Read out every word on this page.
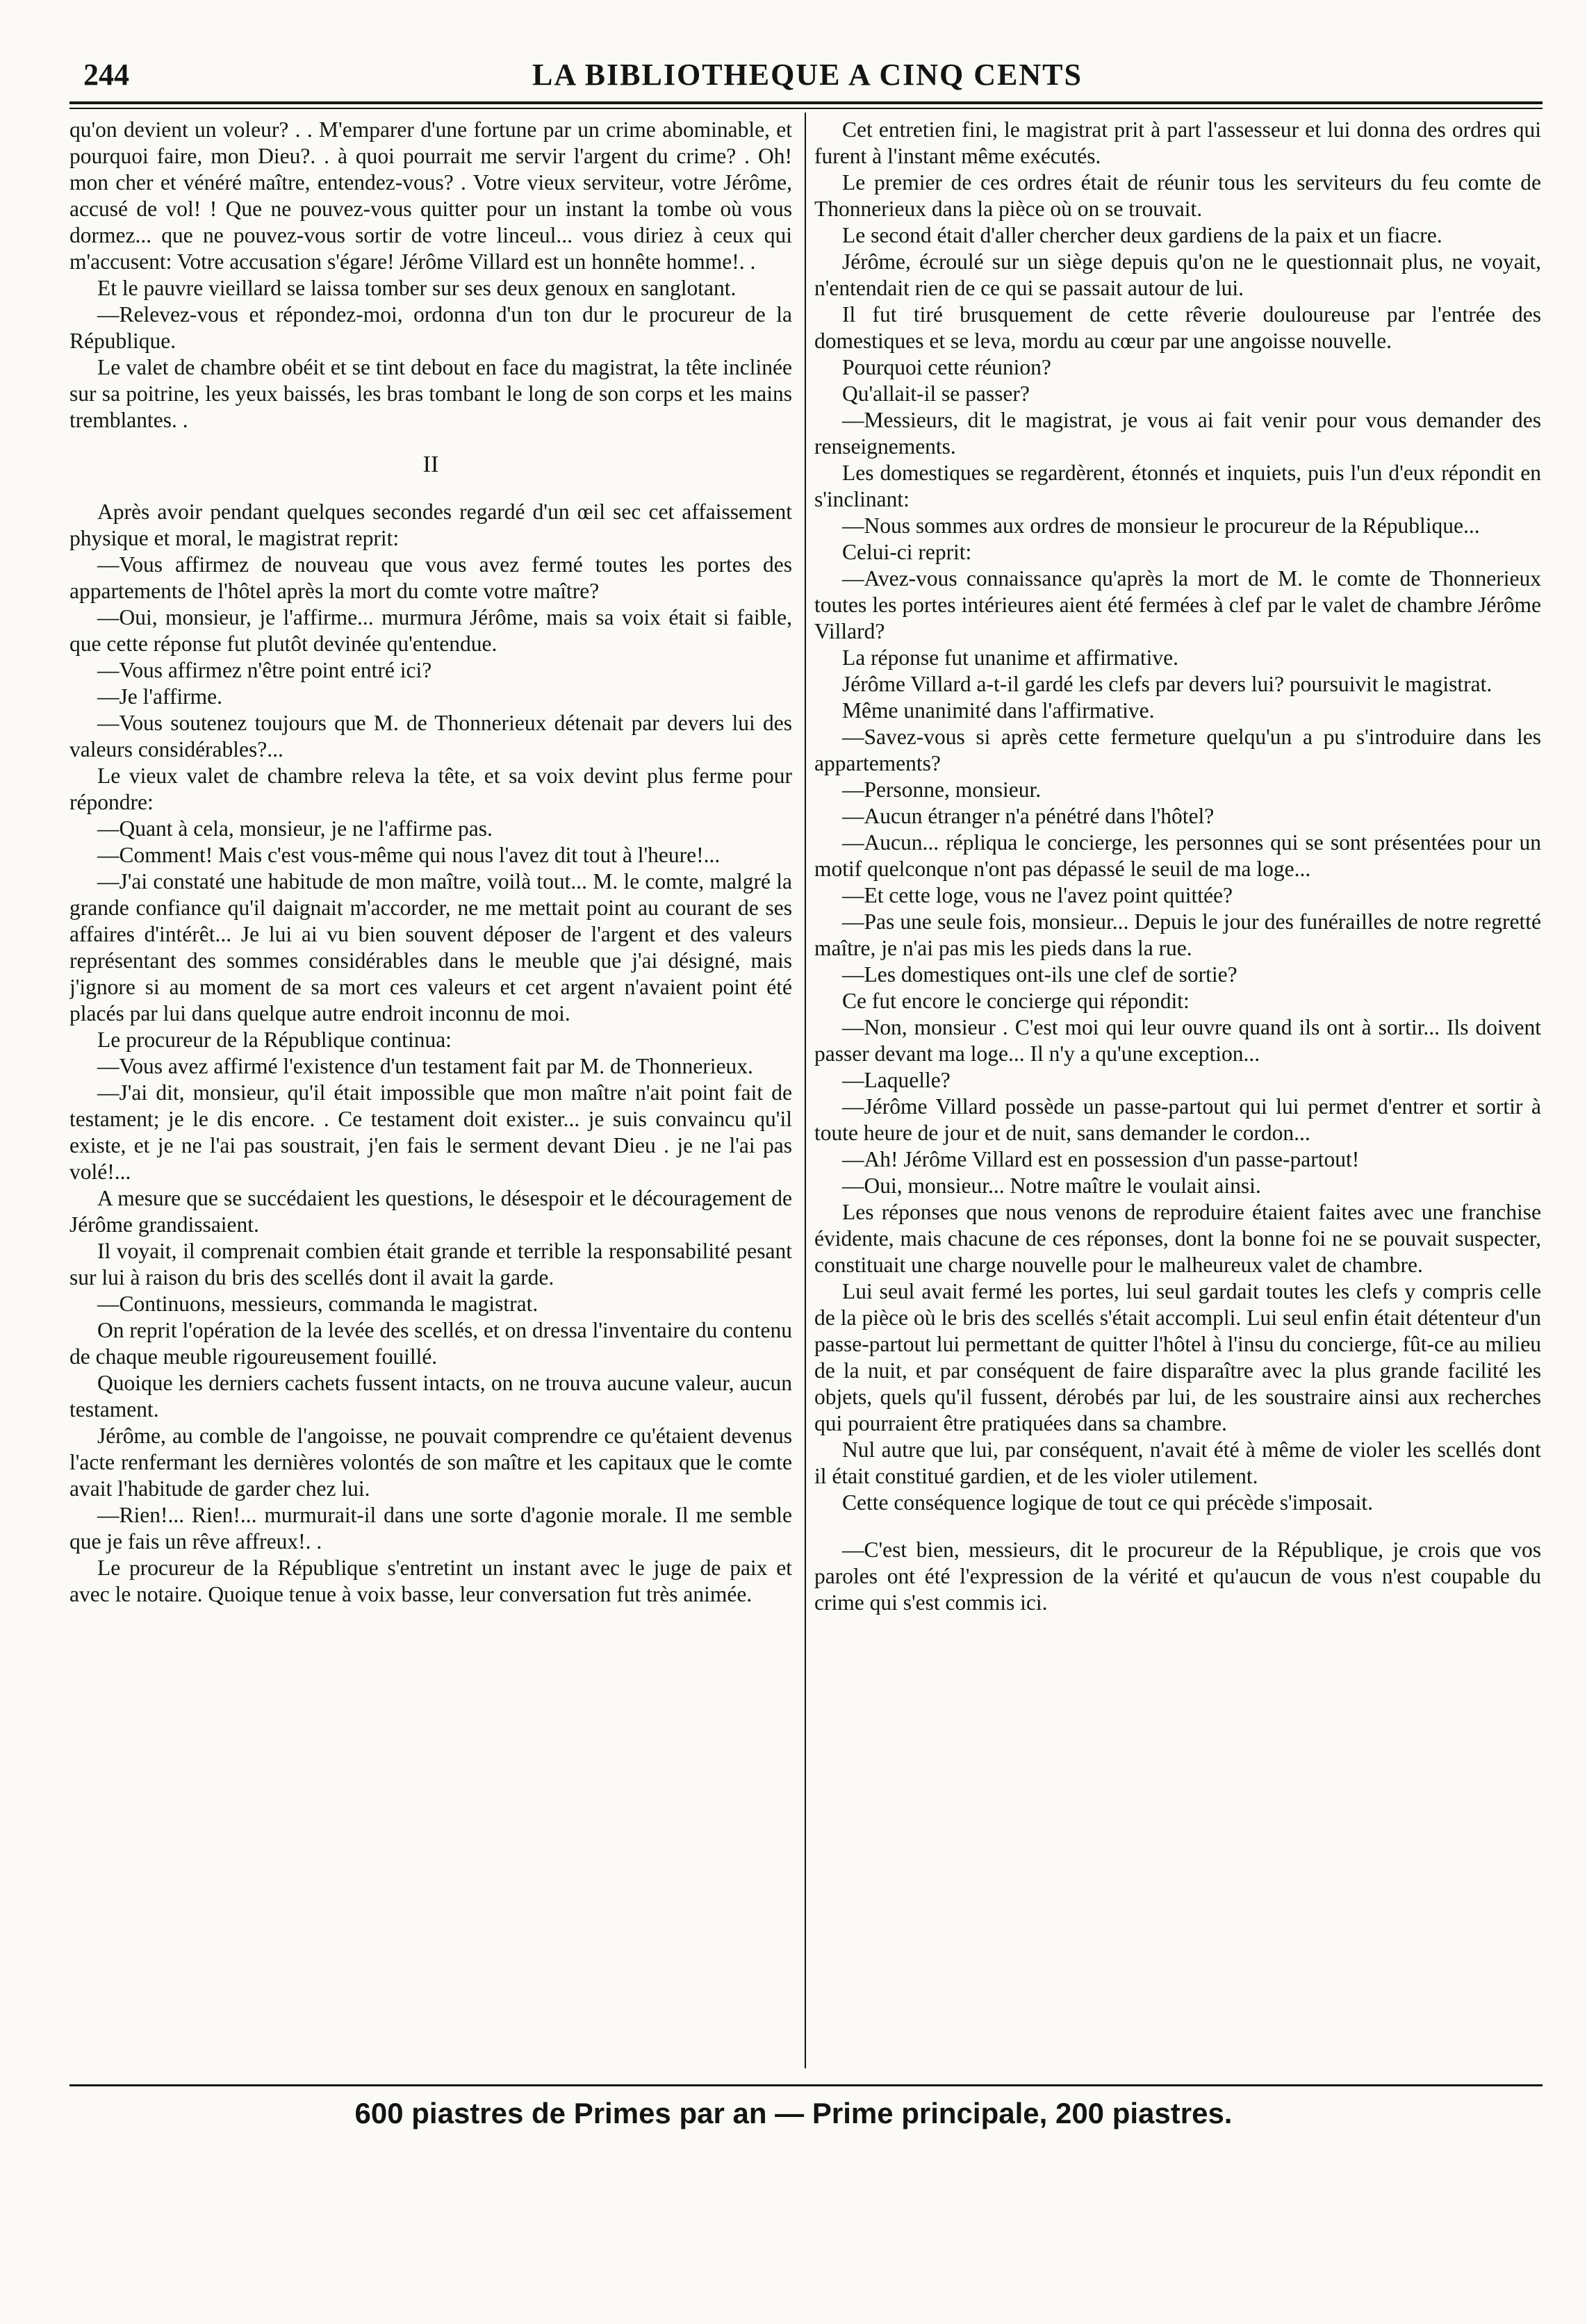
244	LA BIBLIOTHEQUE A CINQ CENTS

qu'on devient un voleur? . . M'emparer d'une fortune par un crime abominable, et pourquoi faire, mon Dieu?. . à quoi pourrait me servir l'argent du crime? . Oh! mon cher et vénéré maître, entendez-vous? . Votre vieux serviteur, votre Jérôme, accusé de vol! ! Que ne pouvez-vous quitter pour un instant la tombe où vous dormez... que ne pouvez-vous sortir de votre linceul... vous diriez à ceux qui m'accusent: Votre accusation s'égare! Jérôme Villard est un honnête homme!. .

Et le pauvre vieillard se laissa tomber sur ses deux genoux en sanglotant.

—Relevez-vous et répondez-moi, ordonna d'un ton dur le procureur de la République.

Le valet de chambre obéit et se tint debout en face du magistrat, la tête inclinée sur sa poitrine, les yeux baissés, les bras tombant le long de son corps et les mains tremblantes. .

II

Après avoir pendant quelques secondes regardé d'un œil sec cet affaissement physique et moral, le magistrat reprit:

—Vous affirmez de nouveau que vous avez fermé toutes les portes des appartements de l'hôtel après la mort du comte votre maître?

—Oui, monsieur, je l'affirme... murmura Jérôme, mais sa voix était si faible, que cette réponse fut plutôt devinée qu'entendue.

—Vous affirmez n'être point entré ici?

—Je l'affirme.

—Vous soutenez toujours que M. de Thonnerieux détenait par devers lui des valeurs considérables?...

Le vieux valet de chambre releva la tête, et sa voix devint plus ferme pour répondre:

—Quant à cela, monsieur, je ne l'affirme pas.

—Comment! Mais c'est vous-même qui nous l'avez dit tout à l'heure!...

—J'ai constaté une habitude de mon maître, voilà tout... M. le comte, malgré la grande confiance qu'il daignait m'accorder, ne me mettait point au courant de ses affaires d'intérêt... Je lui ai vu bien souvent déposer de l'argent et des valeurs représentant des sommes considérables dans le meuble que j'ai désigné, mais j'ignore si au moment de sa mort ces valeurs et cet argent n'avaient point été placés par lui dans quelque autre endroit inconnu de moi.

Le procureur de la République continua:

—Vous avez affirmé l'existence d'un testament fait par M. de Thonnerieux.

—J'ai dit, monsieur, qu'il était impossible que mon maître n'ait point fait de testament; je le dis encore. . Ce testament doit exister... je suis convaincu qu'il existe, et je ne l'ai pas soustrait, j'en fais le serment devant Dieu . je ne l'ai pas volé!...

A mesure que se succédaient les questions, le désespoir et le découragement de Jérôme grandissaient.

Il voyait, il comprenait combien était grande et terrible la responsabilité pesant sur lui à raison du bris des scellés dont il avait la garde.

—Continuons, messieurs, commanda le magistrat.

On reprit l'opération de la levée des scellés, et on dressa l'inventaire du contenu de chaque meuble rigoureusement fouillé.

Quoique les derniers cachets fussent intacts, on ne trouva aucune valeur, aucun testament.

Jérôme, au comble de l'angoisse, ne pouvait comprendre ce qu'étaient devenus l'acte renfermant les dernières volontés de son maître et les capitaux que le comte avait l'habitude de garder chez lui.

—Rien!... Rien!... murmurait-il dans une sorte d'agonie morale. Il me semble que je fais un rêve affreux!. .

Le procureur de la République s'entretint un instant avec le juge de paix et avec le notaire. Quoique tenue à voix basse, leur conversation fut très animée.

Cet entretien fini, le magistrat prit à part l'assesseur et lui donna des ordres qui furent à l'instant même exécutés.

Le premier de ces ordres était de réunir tous les serviteurs du feu comte de Thonnerieux dans la pièce où on se trouvait.

Le second était d'aller chercher deux gardiens de la paix et un fiacre.

Jérôme, écroulé sur un siège depuis qu'on ne le questionnait plus, ne voyait, n'entendait rien de ce qui se passait autour de lui.

Il fut tiré brusquement de cette rêverie douloureuse par l'entrée des domestiques et se leva, mordu au cœur par une angoisse nouvelle.

Pourquoi cette réunion?

Qu'allait-il se passer?

—Messieurs, dit le magistrat, je vous ai fait venir pour vous demander des renseignements.

Les domestiques se regardèrent, étonnés et inquiets, puis l'un d'eux répondit en s'inclinant:

—Nous sommes aux ordres de monsieur le procureur de la République...

Celui-ci reprit:

—Avez-vous connaissance qu'après la mort de M. le comte de Thonnerieux toutes les portes intérieures aient été fermées à clef par le valet de chambre Jérôme Villard?

La réponse fut unanime et affirmative.

Jérôme Villard a-t-il gardé les clefs par devers lui? poursuivit le magistrat.

Même unanimité dans l'affirmative.

—Savez-vous si après cette fermeture quelqu'un a pu s'introduire dans les appartements?

—Personne, monsieur.

—Aucun étranger n'a pénétré dans l'hôtel?

—Aucun... répliqua le concierge, les personnes qui se sont présentées pour un motif quelconque n'ont pas dépassé le seuil de ma loge...

—Et cette loge, vous ne l'avez point quittée?

—Pas une seule fois, monsieur... Depuis le jour des funérailles de notre regretté maître, je n'ai pas mis les pieds dans la rue.

—Les domestiques ont-ils une clef de sortie?

Ce fut encore le concierge qui répondit:

—Non, monsieur . C'est moi qui leur ouvre quand ils ont à sortir... Ils doivent passer devant ma loge... Il n'y a qu'une exception...

—Laquelle?

—Jérôme Villard possède un passe-partout qui lui permet d'entrer et sortir à toute heure de jour et de nuit, sans demander le cordon...

—Ah! Jérôme Villard est en possession d'un passe-partout!

—Oui, monsieur... Notre maître le voulait ainsi.

Les réponses que nous venons de reproduire étaient faites avec une franchise évidente, mais chacune de ces réponses, dont la bonne foi ne se pouvait suspecter, constituait une charge nouvelle pour le malheureux valet de chambre.

Lui seul avait fermé les portes, lui seul gardait toutes les clefs y compris celle de la pièce où le bris des scellés s'était accompli. Lui seul enfin était détenteur d'un passe-partout lui permettant de quitter l'hôtel à l'insu du concierge, fût-ce au milieu de la nuit, et par conséquent de faire disparaître avec la plus grande facilité les objets, quels qu'il fussent, dérobés par lui, de les soustraire ainsi aux recherches qui pourraient être pratiquées dans sa chambre.

Nul autre que lui, par conséquent, n'avait été à même de violer les scellés dont il était constitué gardien, et de les violer utilement.

Cette conséquence logique de tout ce qui précède s'imposait.

—C'est bien, messieurs, dit le procureur de la République, je crois que vos paroles ont été l'expression de la vérité et qu'aucun de vous n'est coupable du crime qui s'est commis ici.

600 piastres de Primes par an — Prime principale, 200 piastres.
